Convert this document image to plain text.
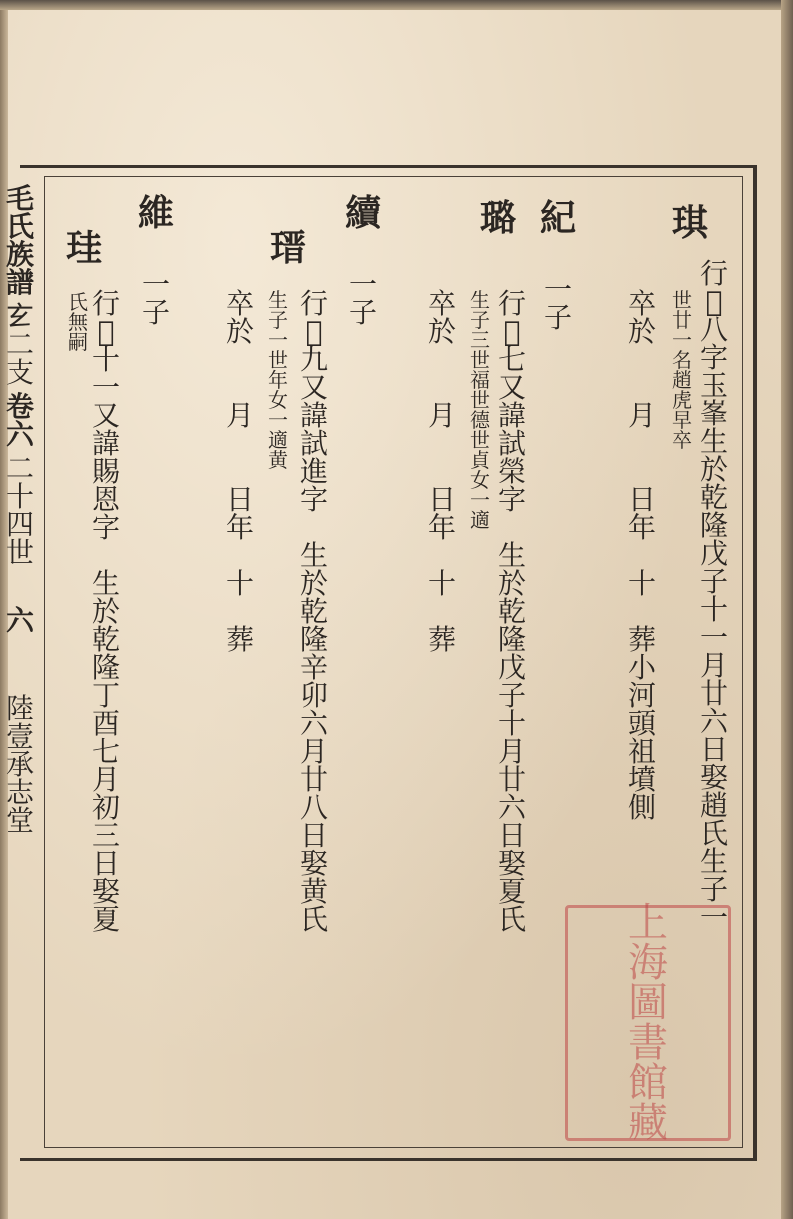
毛
氏
族
譜
𤣥
二
支
卷
六
二
十
四
世
六
陸
壹
承
志
堂
琪
行
𣲖
八
字
玉
峯
生
於
乾
隆
戊
子
十
一
月
廿
六
日
娶
趙
氏
生
子
一
世
廿
一
名
趙
虎
早
卒
卒
於

月

日
年

十

葬
小
河
頭
祖
墳
側
紀
一
子
璐
行
𣲖
七
又
諱
試
榮
字

生
於
乾
隆
戊
子
十
月
廿
六
日
娶
夏
氏
生
子
三
世
福
世
德
世
貞
女
一
適
卒
於

月

日
年

十

葬
續
一
子
瑨
行
𣲖
九
又
諱
試
進
字

生
於
乾
隆
辛
卯
六
月
廿
八
日
娶
黄
氏
生
子
一
世
年
女
一
適
黄
卒
於

月

日
年

十

葬
維
一
子
珪
行
𣲖
十
一
又
諱
賜
恩
字

生
於
乾
隆
丁
酉
七
月
初
三
日
娶
夏
氏
無
嗣
上
海
圖
書
館
藏
